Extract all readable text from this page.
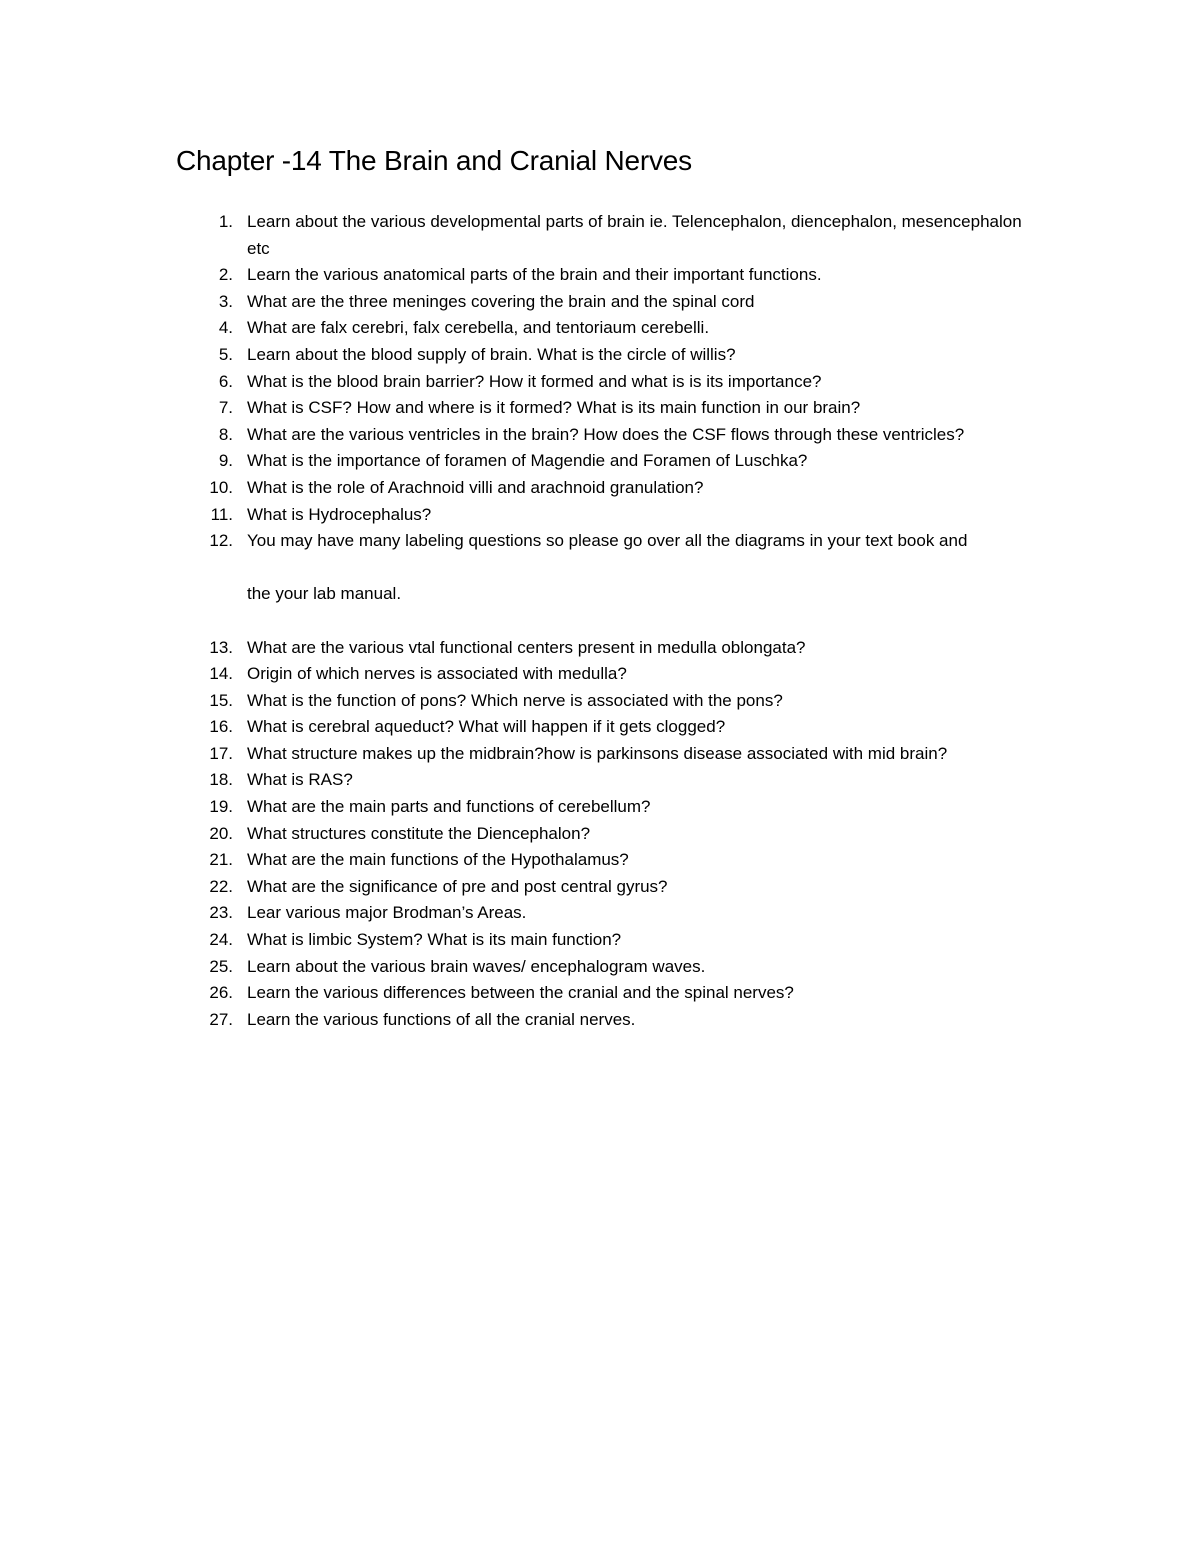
Chapter -14 The Brain and Cranial Nerves
1. Learn about the various developmental parts of brain ie. Telencephalon, diencephalon, mesencephalon etc
2. Learn the various anatomical parts of the brain and their important functions.
3. What are the three meninges covering the brain and the spinal cord
4. What are falx cerebri, falx cerebella, and tentoriaum cerebelli.
5. Learn about the blood supply of brain. What is the circle of willis?
6. What is the blood brain barrier? How it formed and what is is its importance?
7. What is CSF? How and where is it formed? What is its main function in our brain?
8. What are the various ventricles in the brain? How does the CSF flows through these ventricles?
9. What is the importance of foramen of Magendie and Foramen of Luschka?
10. What is the role of Arachnoid villi and arachnoid granulation?
11. What is Hydrocephalus?
12. You may have many labeling questions so please go over all the diagrams in your text book and
the your lab manual.
13. What are the various vtal functional centers present in medulla oblongata?
14. Origin of which nerves is associated with medulla?
15. What is the function of pons? Which nerve is associated with the pons?
16. What is cerebral aqueduct? What will happen if it gets clogged?
17. What structure makes up the midbrain?how is parkinsons disease associated with mid brain?
18. What is RAS?
19. What are the main parts and functions of cerebellum?
20. What structures constitute the Diencephalon?
21. What are the main functions of the Hypothalamus?
22. What are the significance of pre and post central gyrus?
23. Lear various major Brodman’s Areas.
24. What is limbic System? What is its main function?
25. Learn about the various brain waves/ encephalogram waves.
26. Learn the various differences between the cranial and the spinal nerves?
27. Learn the various functions of all the cranial nerves.
